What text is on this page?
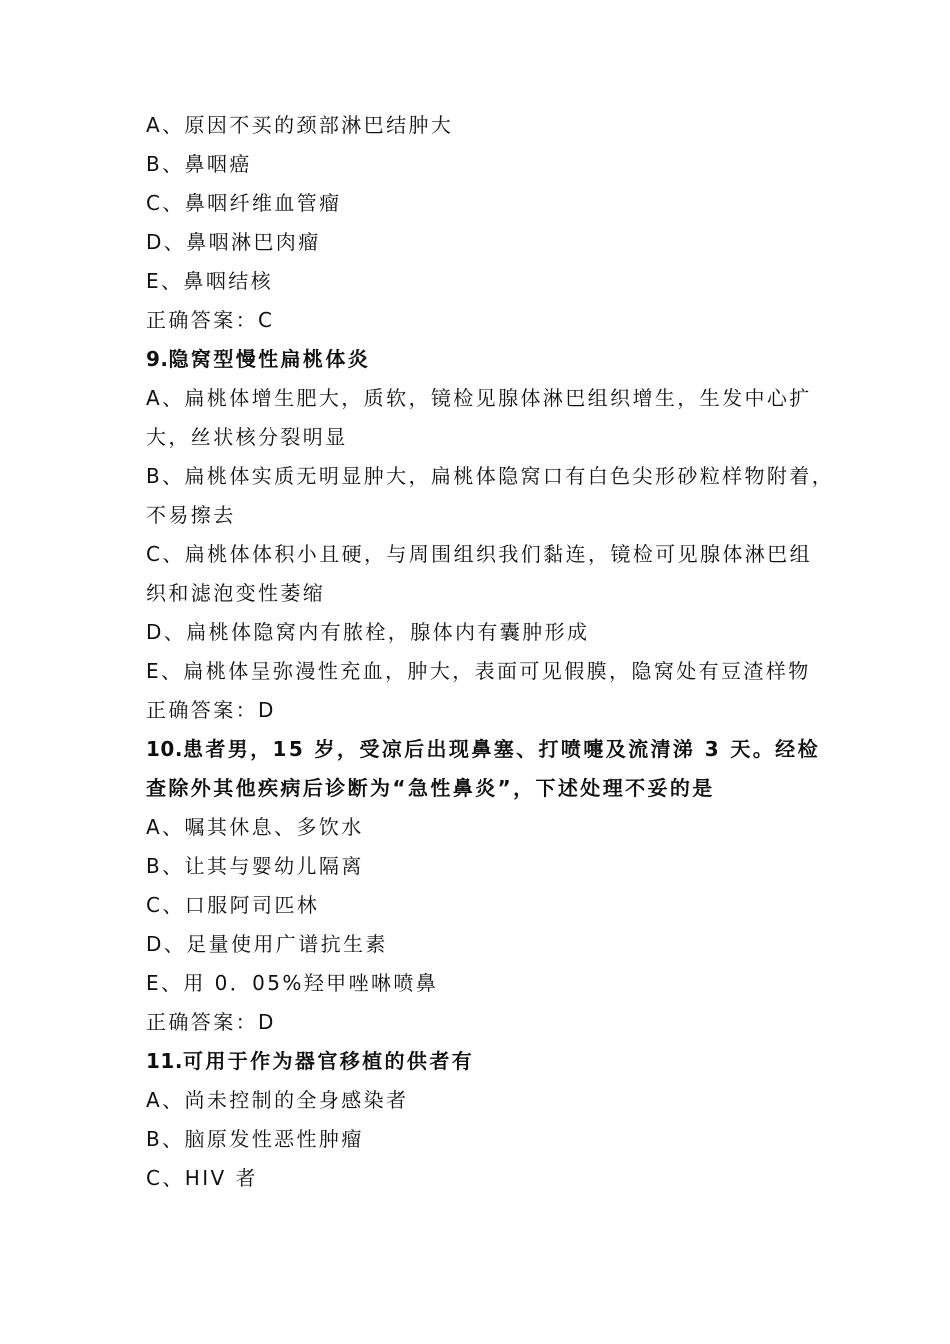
A、原因不买的颈部淋巴结肿大
B、鼻咽癌
C、鼻咽纤维血管瘤
D、鼻咽淋巴肉瘤
E、鼻咽结核
正确答案：C
9.隐窝型慢性扁桃体炎
A、扁桃体增生肥大，质软，镜检见腺体淋巴组织增生，生发中心扩
大，丝状核分裂明显
B、扁桃体实质无明显肿大，扁桃体隐窝口有白色尖形砂粒样物附着，
不易擦去
C、扁桃体体积小且硬，与周围组织我们黏连，镜检可见腺体淋巴组
织和滤泡变性萎缩
D、扁桃体隐窝内有脓栓，腺体内有囊肿形成
E、扁桃体呈弥漫性充血，肿大，表面可见假膜，隐窝处有豆渣样物
正确答案：D
10.患者男，15 岁，受凉后出现鼻塞、打喷嚏及流清涕 3 天。经检
查除外其他疾病后诊断为“急性鼻炎”，下述处理不妥的是
A、嘱其休息、多饮水
B、让其与婴幼儿隔离
C、口服阿司匹林
D、足量使用广谱抗生素
E、用 0．05%羟甲唑啉喷鼻
正确答案：D
11.可用于作为器官移植的供者有
A、尚未控制的全身感染者
B、脑原发性恶性肿瘤
C、HIV 者
